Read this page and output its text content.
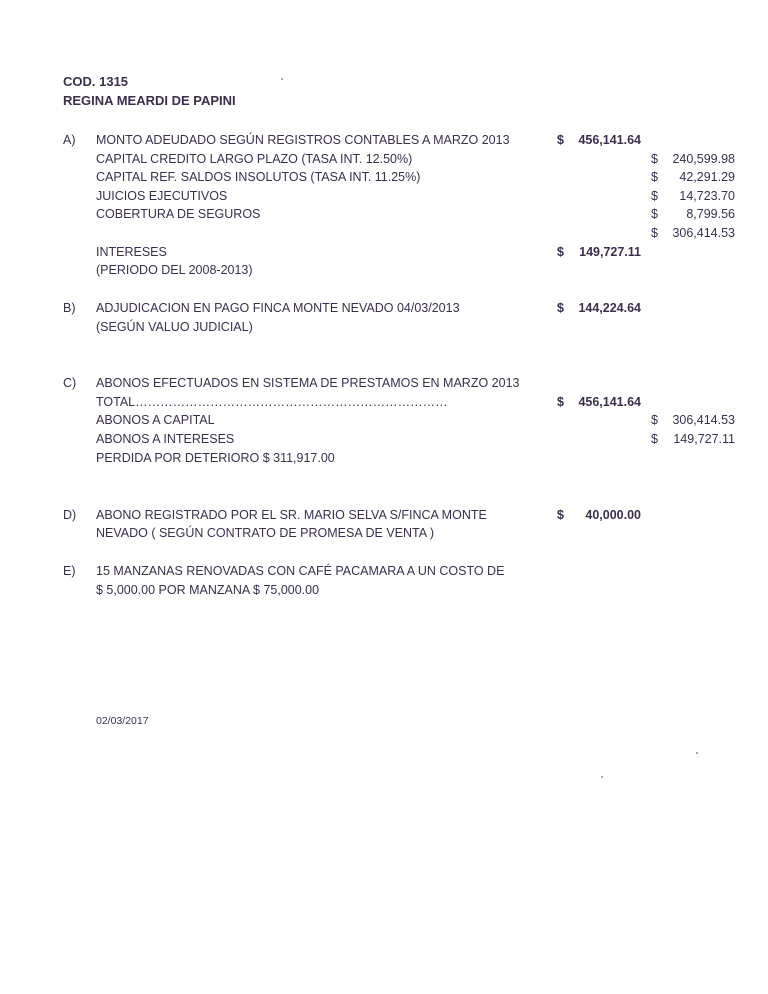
COD. 1315
REGINA MEARDI DE PAPINI
A) MONTO ADEUDADO SEGÚN REGISTROS CONTABLES A MARZO 2013	$ 456,141.64
CAPITAL CREDITO LARGO PLAZO (TASA INT. 12.50%)	$ 240,599.98
CAPITAL REF. SALDOS INSOLUTOS (TASA INT. 11.25%)	$ 42,291.29
JUICIOS EJECUTIVOS	$ 14,723.70
COBERTURA DE SEGUROS	$ 8,799.56
$ 306,414.53
INTERESES	$ 149,727.11
(PERIODO DEL 2008-2013)
B) ADJUDICACION EN PAGO FINCA MONTE NEVADO 04/03/2013	$ 144,224.64
(SEGÚN VALUO JUDICIAL)
C) ABONOS EFECTUADOS EN SISTEMA DE PRESTAMOS EN MARZO 2013
TOTAL…………………………………………………………………	$ 456,141.64
ABONOS A CAPITAL	$ 306,414.53
ABONOS A INTERESES	$ 149,727.11
PERDIDA POR DETERIORO $ 311,917.00
D) ABONO REGISTRADO POR EL SR. MARIO SELVA S/FINCA MONTE
NEVADO ( SEGÚN CONTRATO DE PROMESA DE VENTA )
$ 40,000.00
E) 15 MANZANAS RENOVADAS CON CAFÉ PACAMARA A UN COSTO DE
$ 5,000.00 POR MANZANA $ 75,000.00
02/03/2017
